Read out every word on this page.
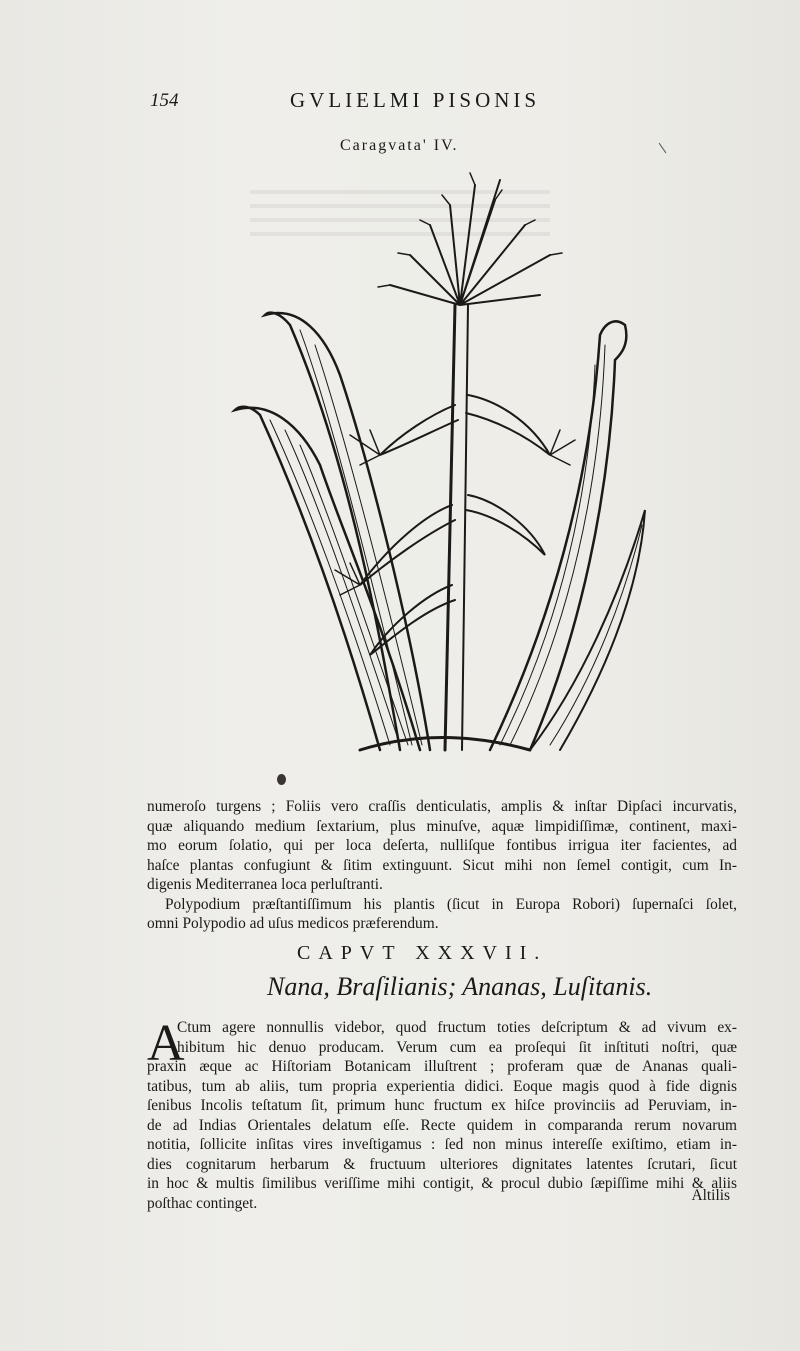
154	GVLIELMI PISONIS
Caragvata' IV.
numeroſo turgens ; Foliis vero craſſis denticulatis, amplis & inſtar Dipſaci incurvatis,
quæ aliquando medium ſextarium, plus minuſve, aquæ limpidiſſimæ, continent, maxi-
mo eorum ſolatio, qui per loca deſerta, nulliſque fontibus irrigua iter facientes, ad
haſce plantas confugiunt & ſitim extinguunt. Sicut mihi non ſemel contigit, cum In-
digenis Mediterranea loca perluſtranti.
Polypodium præſtantiſſimum his plantis (ſicut in Europa Robori) ſupernaſci ſolet,
omni Polypodio ad uſus medicos præferendum.
CAPVT XXXVII.
Nana, Braſilianis; Ananas, Luſitanis.
A
Ctum agere nonnullis videbor, quod fructum toties deſcriptum & ad vivum ex-
hibitum hic denuo producam. Verum cum ea proſequi ſit inſtituti noſtri, quæ
praxin æque ac Hiſtoriam Botanicam illuſtrent ; proferam quæ de Ananas quali-
tatibus, tum ab aliis, tum propria experientia didici. Eoque magis quod à fide dignis
ſenibus Incolis teſtatum ſit, primum hunc fructum ex hiſce provinciis ad Peruviam, in-
de ad Indias Orientales delatum eſſe. Recte quidem in comparanda rerum novarum
notitia, ſollicite inſitas vires inveſtigamus : ſed non minus intereſſe exiſtimo, etiam in-
dies cognitarum herbarum & fructuum ulteriores dignitates latentes ſcrutari, ſicut
in hoc & multis ſimilibus veriſſime mihi contigit, & procul dubio ſæpiſſime mihi & aliis
poſthac continget.	Altilis
